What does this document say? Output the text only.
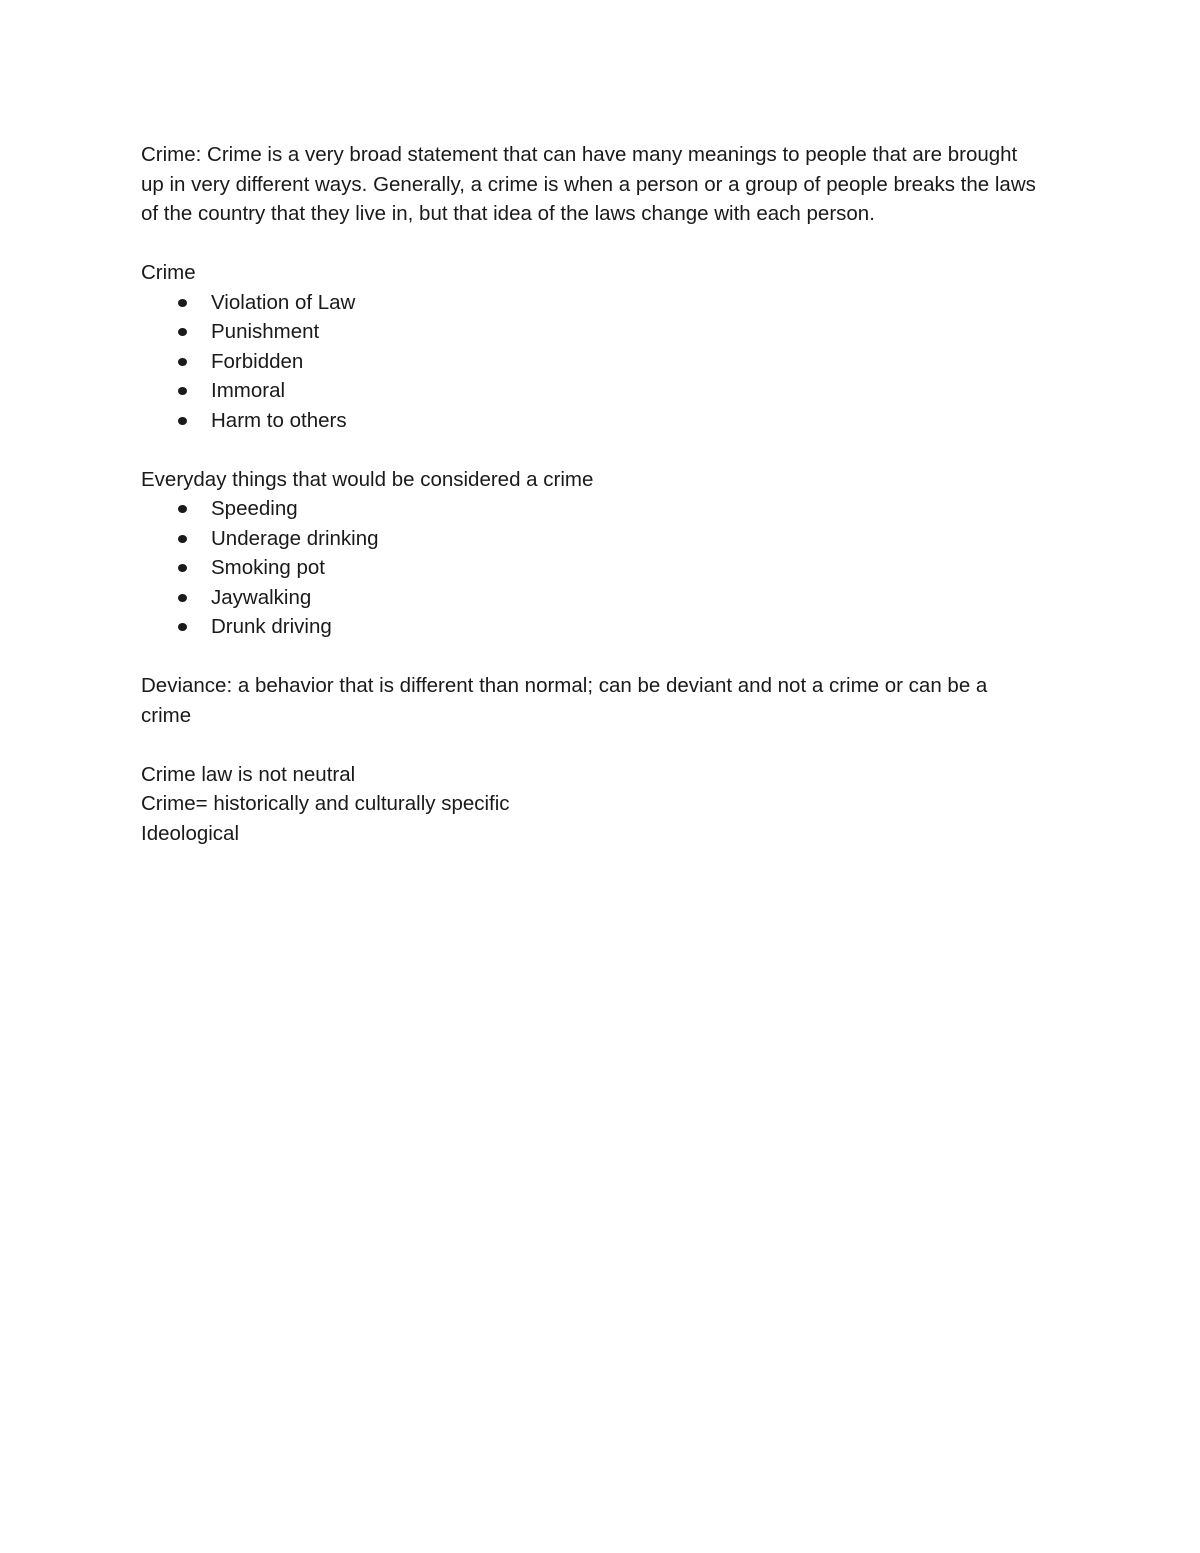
Crime: Crime is a very broad statement that can have many meanings to people that are brought up in very different ways. Generally, a crime is when a person or a group of people breaks the laws of the country that they live in, but that idea of the laws change with each person.

Crime

Violation of Law
Punishment
Forbidden
Immoral
Harm to others

Everyday things that would be considered a crime

Speeding
Underage drinking
Smoking pot
Jaywalking
Drunk driving

Deviance: a behavior that is different than normal; can be deviant and not a crime or can be a crime

Crime law is not neutral

Crime= historically and culturally specific

Ideological
